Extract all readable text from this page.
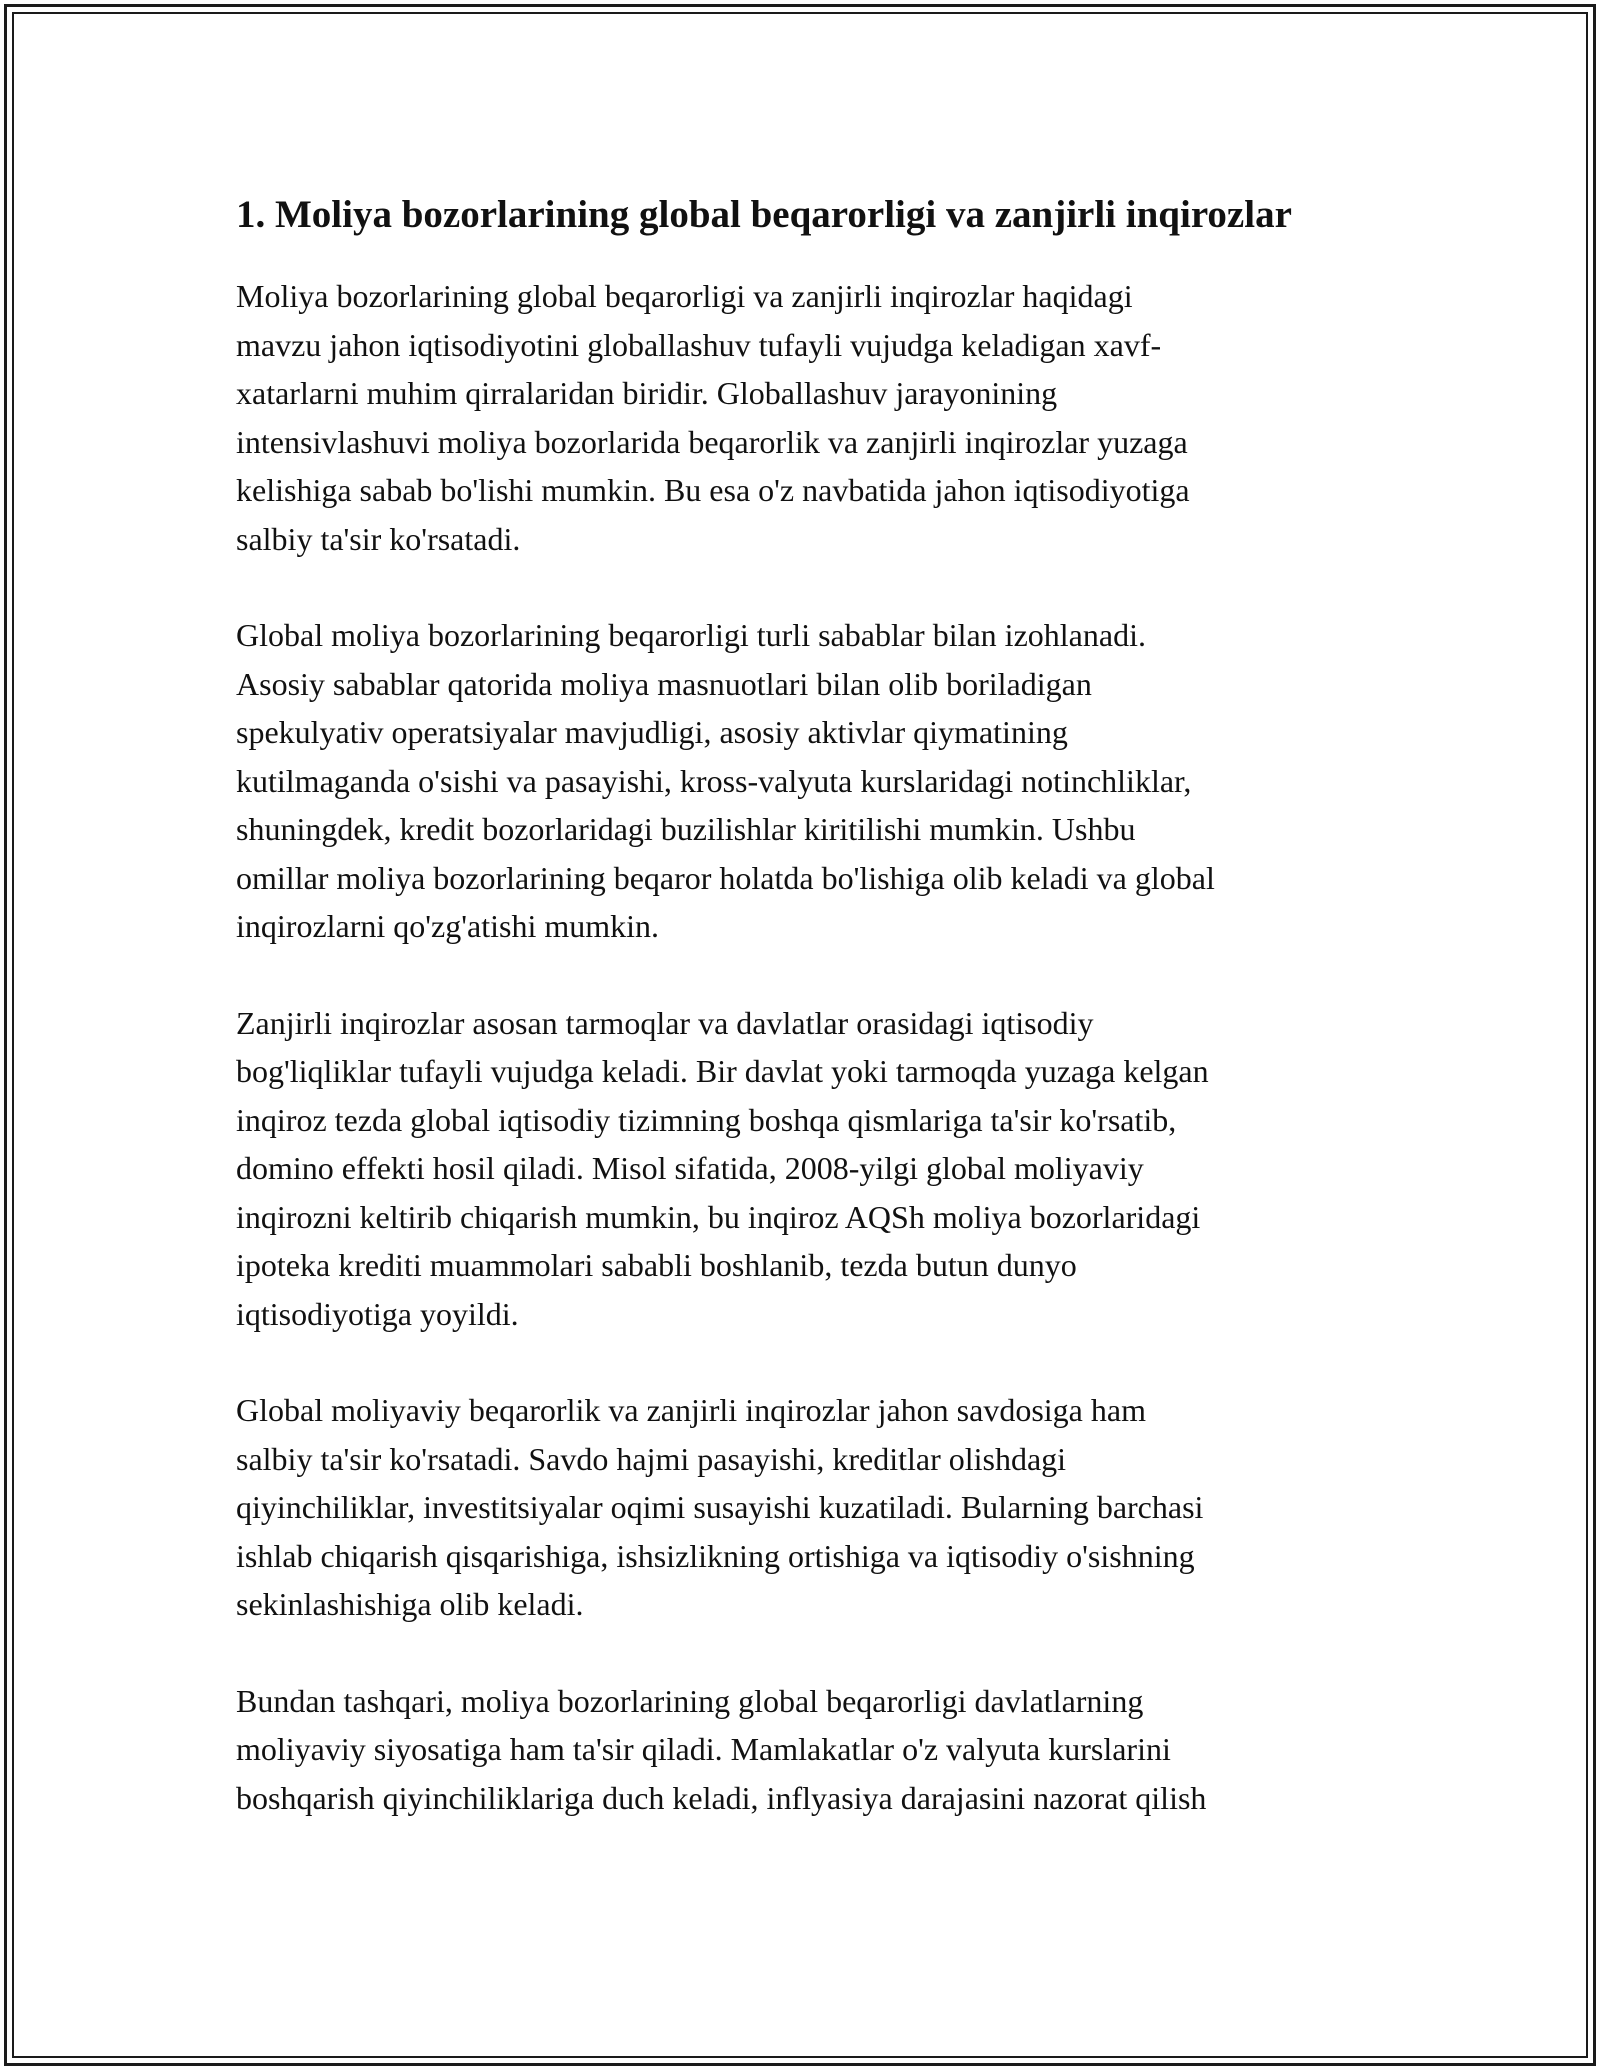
1. Moliya bozorlarining global beqarorligi va zanjirli inqirozlar

Moliya bozorlarining global beqarorligi va zanjirli inqirozlar haqidagi
mavzu jahon iqtisodiyotini globallashuv tufayli vujudga keladigan xavf-
xatarlarni muhim qirralaridan biridir. Globallashuv jarayonining
intensivlashuvi moliya bozorlarida beqarorlik va zanjirli inqirozlar yuzaga
kelishiga sabab bo'lishi mumkin. Bu esa o'z navbatida jahon iqtisodiyotiga
salbiy ta'sir ko'rsatadi.

Global moliya bozorlarining beqarorligi turli sabablar bilan izohlanadi.
Asosiy sabablar qatorida moliya masnuotlari bilan olib boriladigan
spekulyativ operatsiyalar mavjudligi, asosiy aktivlar qiymatining
kutilmaganda o'sishi va pasayishi, kross-valyuta kurslaridagi notinchliklar,
shuningdek, kredit bozorlaridagi buzilishlar kiritilishi mumkin. Ushbu
omillar moliya bozorlarining beqaror holatda bo'lishiga olib keladi va global
inqirozlarni qo'zg'atishi mumkin.

Zanjirli inqirozlar asosan tarmoqlar va davlatlar orasidagi iqtisodiy
bog'liqliklar tufayli vujudga keladi. Bir davlat yoki tarmoqda yuzaga kelgan
inqiroz tezda global iqtisodiy tizimning boshqa qismlariga ta'sir ko'rsatib,
domino effekti hosil qiladi. Misol sifatida, 2008-yilgi global moliyaviy
inqirozni keltirib chiqarish mumkin, bu inqiroz AQSh moliya bozorlaridagi
ipoteka krediti muammolari sababli boshlanib, tezda butun dunyo
iqtisodiyotiga yoyildi.

Global moliyaviy beqarorlik va zanjirli inqirozlar jahon savdosiga ham
salbiy ta'sir ko'rsatadi. Savdo hajmi pasayishi, kreditlar olishdagi
qiyinchiliklar, investitsiyalar oqimi susayishi kuzatiladi. Bularning barchasi
ishlab chiqarish qisqarishiga, ishsizlikning ortishiga va iqtisodiy o'sishning
sekinlashishiga olib keladi.

Bundan tashqari, moliya bozorlarining global beqarorligi davlatlarning
moliyaviy siyosatiga ham ta'sir qiladi. Mamlakatlar o'z valyuta kurslarini
boshqarish qiyinchiliklariga duch keladi, inflyasiya darajasini nazorat qilish
